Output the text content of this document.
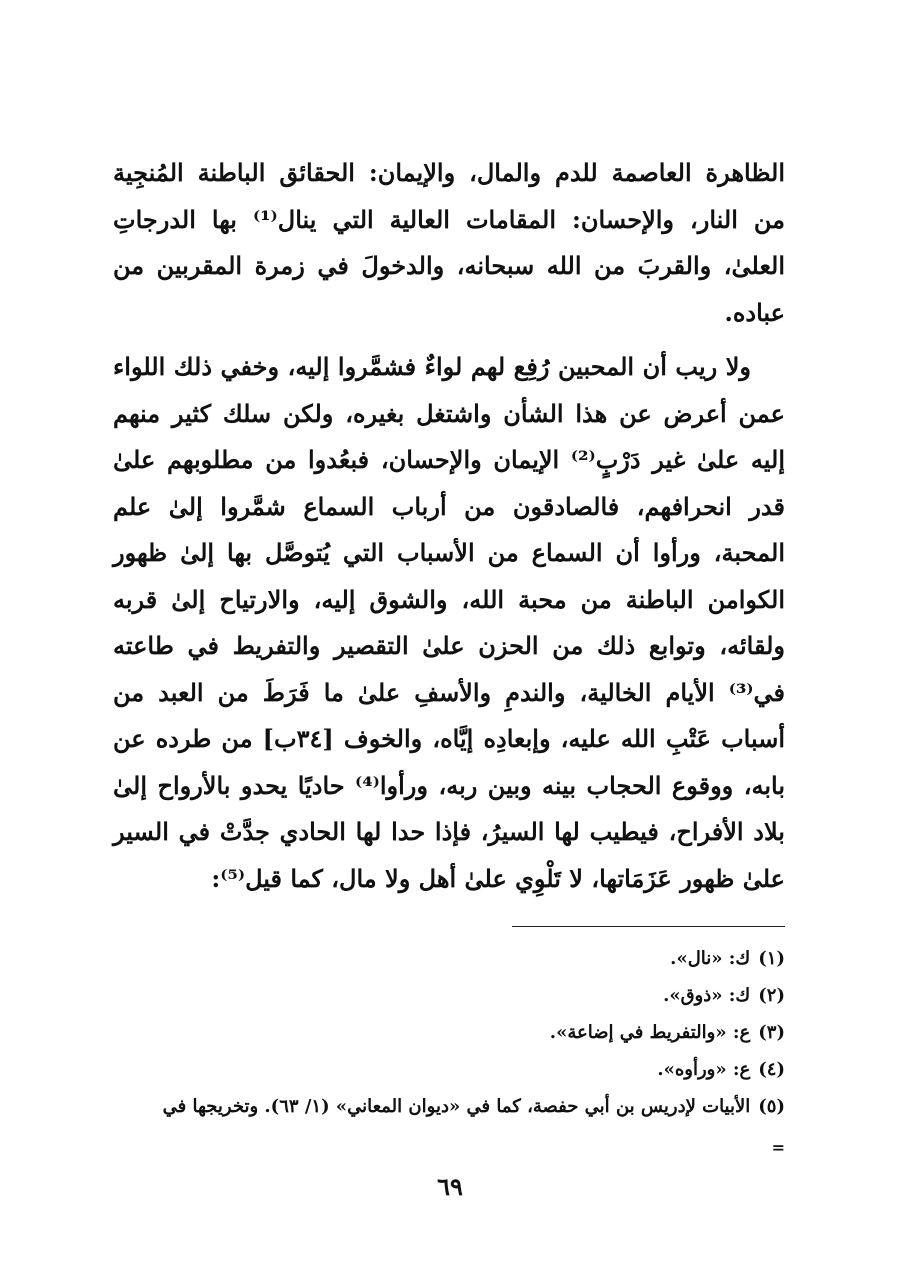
الظاهرة العاصمة للدم والمال، والإيمان: الحقائق الباطنة المُنجِية من النار، والإحسان: المقامات العالية التي ينال⁽¹⁾ بها الدرجاتِ العلىٰ، والقربَ من الله سبحانه، والدخولَ في زمرة المقربين من عباده.

ولا ريب أن المحبين رُفِع لهم لواءٌ فشمَّروا إليه، وخفي ذلك اللواء عمن أعرض عن هذا الشأن واشتغل بغيره، ولكن سلك كثير منهم إليه علىٰ غير دَرْبٍ⁽²⁾ الإيمان والإحسان، فبعُدوا من مطلوبهم علىٰ قدر انحرافهم، فالصادقون من أرباب السماع شمَّروا إلىٰ علم المحبة، ورأوا أن السماع من الأسباب التي يُتوصَّل بها إلىٰ ظهور الكوامن الباطنة من محبة الله، والشوق إليه، والارتياح إلىٰ قربه ولقائه، وتوابع ذلك من الحزن علىٰ التقصير والتفريط في طاعته في⁽³⁾ الأيام الخالية، والندمِ والأسفِ علىٰ ما فَرَطَ من العبد من أسباب عَتْبِ الله عليه، وإبعادِه إيَّاه، والخوف [٣٤ب] من طرده عن بابه، ووقوع الحجاب بينه وبين ربه، ورأوا⁽⁴⁾ حاديًا يحدو بالأرواح إلىٰ بلاد الأفراح، فيطيب لها السيرُ، فإذا حدا لها الحادي جدَّتْ في السير علىٰ ظهور عَزَمَاتها، لا تَلْوِي علىٰ أهل ولا مال، كما قيل⁽⁵⁾:

(١)ك: «نال».
(٢)ك: «ذوق».
(٣)ع: «والتفريط في إضاعة».
(٤)ع: «ورأوه».
(٥)الأبيات لإدريس بن أبي حفصة، كما في «ديوان المعاني» (١/ ٦٣). وتخريجها في
=
٦٩
